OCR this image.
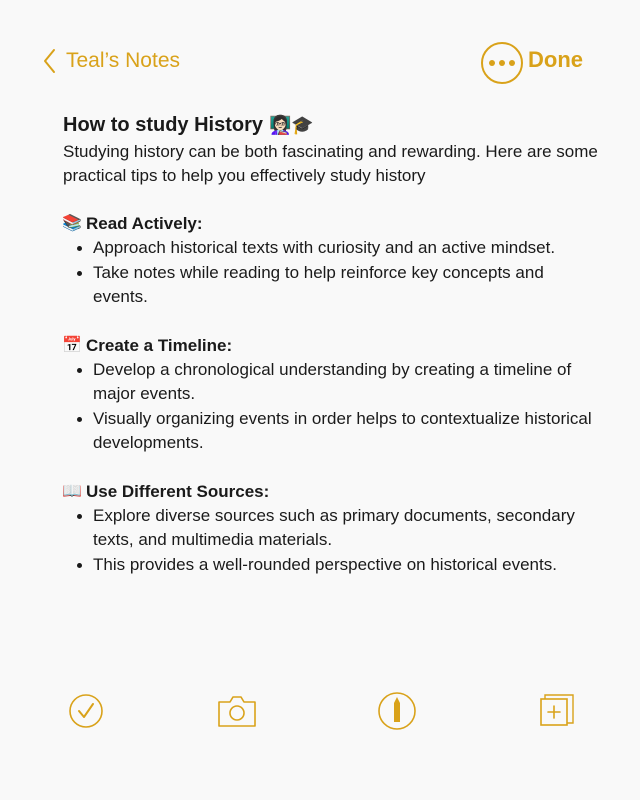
Teal’s Notes	Done
How to study History 👩🏻‍🏫🎓

Studying history can be both fascinating and rewarding. Here are some practical tips to help you effectively study history

📚 Read Actively:
Approach historical texts with curiosity and an active mindset.
Take notes while reading to help reinforce key concepts and events.
📅 Create a Timeline:
Develop a chronological understanding by creating a timeline of major events.
Visually organizing events in order helps to contextualize historical developments.
📖 Use Different Sources:
Explore diverse sources such as primary documents, secondary texts, and multimedia materials.
This provides a well-rounded perspective on historical events.
